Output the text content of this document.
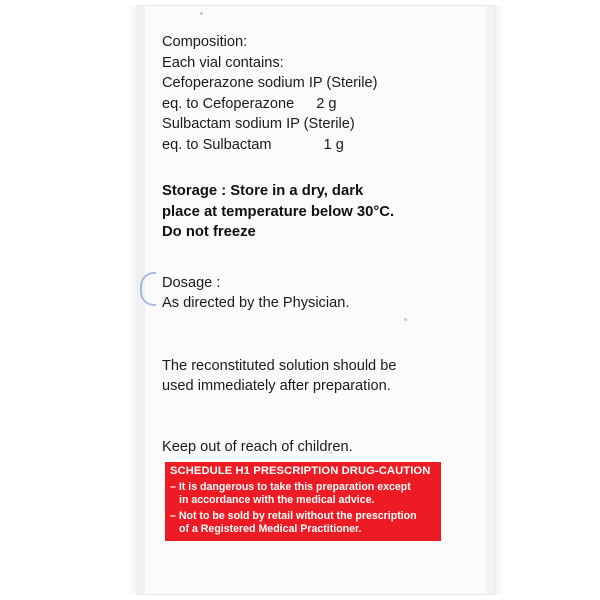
Composition:
Each vial contains:
Cefoperazone sodium IP (Sterile)
eq. to Cefoperazone 2 g
Sulbactam sodium IP (Sterile)
eq. to Sulbactam	1 g
Storage : Store in a dry, dark
place at temperature below 30°C.
Do not freeze
Dosage :
As directed by the Physician.
The reconstituted solution should be
used immediately after preparation.
Keep out of reach of children.
SCHEDULE H1 PRESCRIPTION DRUG-CAUTION
– It is dangerous to take this preparation except
in accordance with the medical advice.
– Not to be sold by retail without the prescription
of a Registered Medical Practitioner.
